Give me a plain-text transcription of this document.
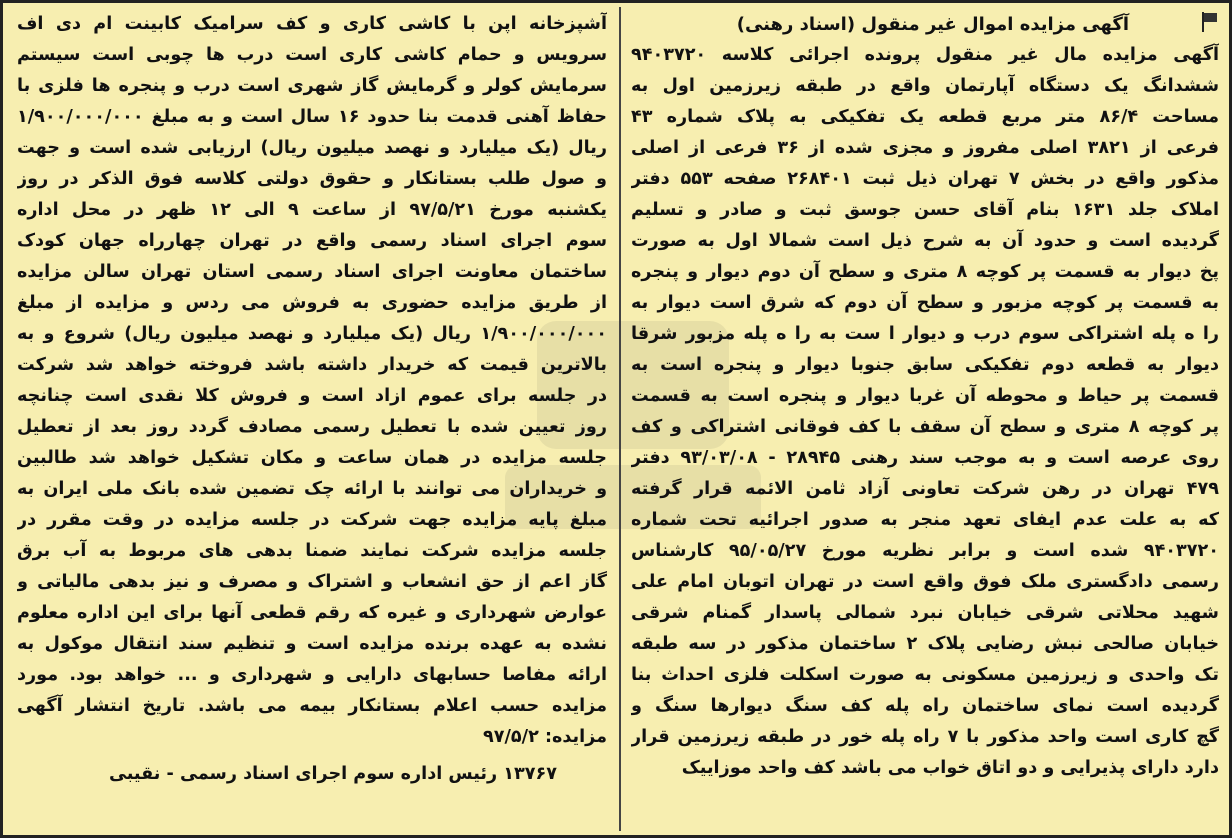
آگهی مزایده اموال غیر منقول (اسناد رهنی)
آگهی مزایده مال غیر منقول پرونده اجرائی کلاسه ۹۴۰۳۷۲۰
ششدانگ یک دستگاه آپارتمان واقع در طبقه زیرزمین اول به
مساحت ۸۶/۴ متر مربع قطعه یک تفکیکی به پلاک شماره ۴۳
فرعی از ۳۸۲۱ اصلی مفروز و مجزی شده از ۳۶ فرعی از اصلی
مذکور واقع در بخش ۷ تهران ذیل ثبت ۲۶۸۴۰۱ صفحه ۵۵۳ دفتر
املاک جلد ۱۶۳۱ بنام آقای حسن جوسق ثبت و صادر و تسلیم
گردیده است و حدود آن به شرح ذیل است شمالا اول به صورت
پخ دیوار به قسمت پر کوچه ۸ متری و سطح آن دوم دیوار و پنجره
به قسمت پر کوچه مزبور و سطح آن دوم که شرق است دیوار به
را ه پله اشتراکی سوم درب و دیوار ا ست به را ه پله مزبور شرقا
دیوار به قطعه دوم تفکیکی سابق جنوبا دیوار و پنجره است به
قسمت پر حیاط و محوطه آن غربا دیوار و پنجره است به قسمت
پر کوچه ۸ متری و سطح آن سقف با کف فوقانی اشتراکی و کف
روی عرصه است و به موجب سند رهنی ۲۸۹۴۵ - ۹۳/۰۳/۰۸ دفتر
۴۷۹ تهران در رهن شرکت تعاونی آزاد ثامن الائمه قرار گرفته
که به علت عدم ایفای تعهد منجر به صدور اجرائیه تحت شماره
۹۴۰۳۷۲۰ شده است و برابر نظریه مورخ ۹۵/۰۵/۲۷ کارشناس
رسمی دادگستری ملک فوق واقع است در تهران اتوبان امام علی
شهید محلاتی شرقی خیابان نبرد شمالی پاسدار گمنام شرقی
خیابان صالحی نبش رضایی پلاک ۲ ساختمان مذکور در سه طبقه
تک واحدی و زیرزمین مسکونی به صورت اسکلت فلزی احداث بنا
گردیده است نمای ساختمان راه پله کف سنگ دیوارها سنگ و
گچ کاری است واحد مذکور با ۷ راه پله خور در طبقه زیرزمین قرار
دارد دارای پذیرایی و دو اتاق خواب می باشد کف واحد موزاییک
آشپزخانه اپن با کاشی کاری و کف سرامیک کابینت ام دی اف
سرویس و حمام کاشی کاری است درب ها چوبی است سیستم
سرمایش کولر و گرمایش گاز شهری است درب و پنجره ها فلزی با
حفاظ آهنی قدمت بنا حدود ۱۶ سال است و به مبلغ ۱/۹۰۰/۰۰۰/۰۰۰
ریال (یک میلیارد و نهصد میلیون ریال) ارزیابی شده است و جهت
و صول طلب بستانکار و حقوق دولتی کلاسه فوق الذکر در روز
یکشنبه مورخ ۹۷/۵/۲۱ از ساعت ۹ الی ۱۲ ظهر در محل اداره
سوم اجرای اسناد رسمی واقع در تهران چهارراه جهان کودک
ساختمان معاونت اجرای اسناد رسمی استان تهران سالن مزایده
از طریق مزایده حضوری به فروش می ردس و مزایده از مبلغ
۱/۹۰۰/۰۰۰/۰۰۰ ریال (یک میلیارد و نهصد میلیون ریال) شروع و به
بالاترین قیمت که خریدار داشته باشد فروخته خواهد شد شرکت
در جلسه برای عموم ازاد است و فروش کلا نقدی است چنانچه
روز تعیین شده با تعطیل رسمی مصادف گردد روز بعد از تعطیل
جلسه مزایده در همان ساعت و مکان تشکیل خواهد شد طالبین
و خریداران می توانند با ارائه چک تضمین شده بانک ملی ایران به
مبلغ پایه مزایده جهت شرکت در جلسه مزایده در وقت مقرر در
جلسه مزایده شرکت نمایند ضمنا بدهی های مربوط به آب برق
گاز اعم از حق انشعاب و اشتراک و مصرف و نیز بدهی مالیاتی و
عوارض شهرداری و غیره که رقم قطعی آنها برای این اداره معلوم
نشده به عهده برنده مزایده است و تنظیم سند انتقال موکول به
ارائه مفاصا حسابهای دارایی و شهرداری و ... خواهد بود. مورد
مزایده حسب اعلام بستانکار بیمه می باشد. تاریخ انتشار آگهی
مزایده: ۹۷/۵/۲
۱۳۷۶۷ رئیس اداره سوم اجرای اسناد رسمی - نقیبی
